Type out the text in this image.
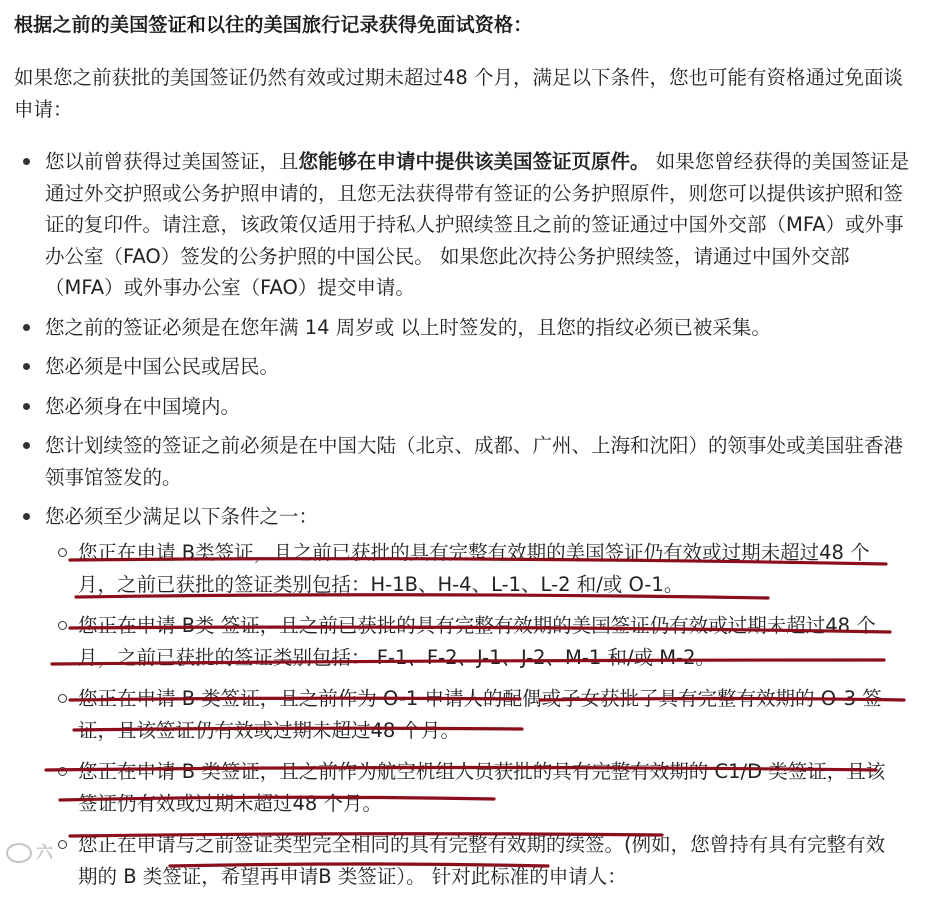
根据之前的美国签证和以往的美国旅行记录获得免面试资格：

如果您之前获批的美国签证仍然有效或过期未超过48 个月，满足以下条件，您也可能有资格通过免面谈申请：

您以前曾获得过美国签证，且您能够在申请中提供该美国签证页原件。 如果您曾经获得的美国签证是通过外交护照或公务护照申请的，且您无法获得带有签证的公务护照原件，则您可以提供该护照和签证的复印件。请注意，该政策仅适用于持私人护照续签且之前的签证通过中国外交部（MFA）或外事办公室（FAO）签发的公务护照的中国公民。 如果您此次持公务护照续签，请通过中国外交部（MFA）或外事办公室（FAO）提交申请。
您之前的签证必须是在您年满 14 周岁或 以上时签发的，且您的指纹必须已被采集。
您必须是中国公民或居民。
您必须身在中国境内。
您计划续签的签证之前必须是在中国大陆（北京、成都、广州、上海和沈阳）的领事处或美国驻香港领事馆签发的。
您必须至少满足以下条件之一：
您正在申请 B类签证，且之前已获批的具有完整有效期的美国签证仍有效或过期未超过48 个月，之前已获批的签证类别包括：H-1B、H-4、L-1、L-2 和/或 O-1。
您正在申请 B类 签证，且之前已获批的具有完整有效期的美国签证仍有效或过期未超过48 个月，之前已获批的签证类别包括： F-1、F-2、J-1、J-2、M-1 和/或 M-2。
您正在申请 B 类签证，且之前作为 O-1 申请人的配偶或子女获批了具有完整有效期的 O-3 签证，且该签证仍有效或过期未超过48 个月。
您正在申请 B 类签证，且之前作为航空机组人员获批的具有完整有效期的 C1/D 类签证，且该签证仍有效或过期未超过48 个月。
您正在申请与之前签证类型完全相同的具有完整有效期的续签。(例如，您曾持有具有完整有效期的 B 类签证，希望再申请B 类签证）。 针对此标准的申请人：
六
